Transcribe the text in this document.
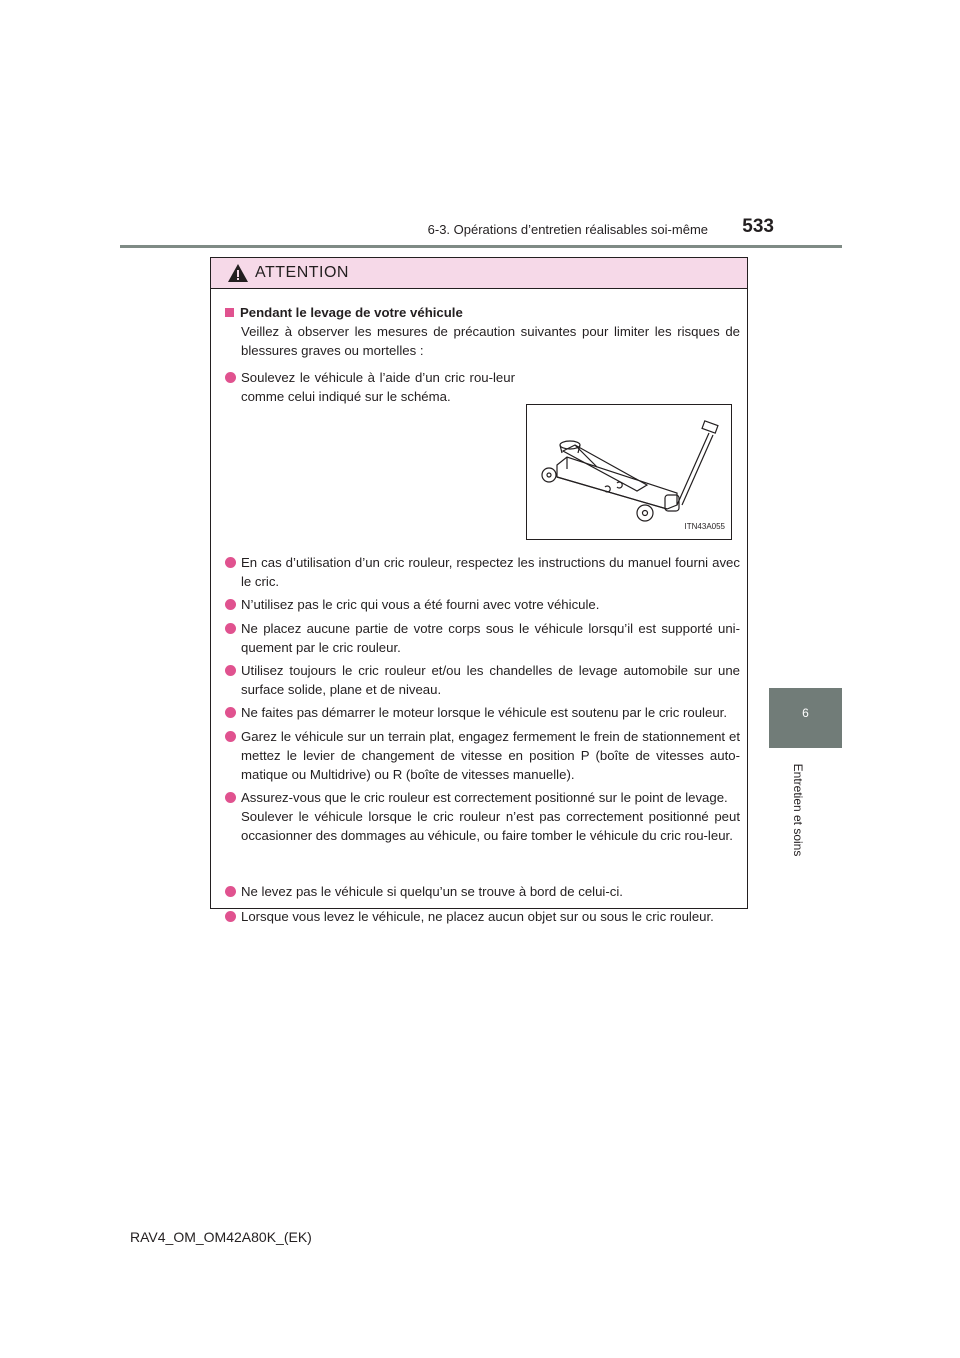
6-3. Opérations d’entretien réalisables soi-même	533
6
Entretien et soins
ATTENTION
Pendant le levage de votre véhicule
Veillez à observer les mesures de précaution suivantes pour limiter les risques de blessures graves ou mortelles :
Soulevez le véhicule à l’aide d’un cric rou-leur comme celui indiqué sur le schéma.
ITN43A055
En cas d’utilisation d’un cric rouleur, respectez les instructions du manuel fourni avec le cric.
N’utilisez pas le cric qui vous a été fourni avec votre véhicule.
Ne placez aucune partie de votre corps sous le véhicule lorsqu’il est supporté uni-quement par le cric rouleur.
Utilisez toujours le cric rouleur et/ou les chandelles de levage automobile sur une surface solide, plane et de niveau.
Ne faites pas démarrer le moteur lorsque le véhicule est soutenu par le cric rouleur.
Garez le véhicule sur un terrain plat, engagez fermement le frein de stationnement et mettez le levier de changement de vitesse en position P (boîte de vitesses auto-matique ou Multidrive) ou R (boîte de vitesses manuelle).
Assurez-vous que le cric rouleur est correctement positionné sur le point de levage.
Soulever le véhicule lorsque le cric rouleur n’est pas correctement positionné peut occasionner des dommages au véhicule, ou faire tomber le véhicule du cric rou-leur.
Ne levez pas le véhicule si quelqu’un se trouve à bord de celui-ci.
Lorsque vous levez le véhicule, ne placez aucun objet sur ou sous le cric rouleur.
RAV4_OM_OM42A80K_(EK)
